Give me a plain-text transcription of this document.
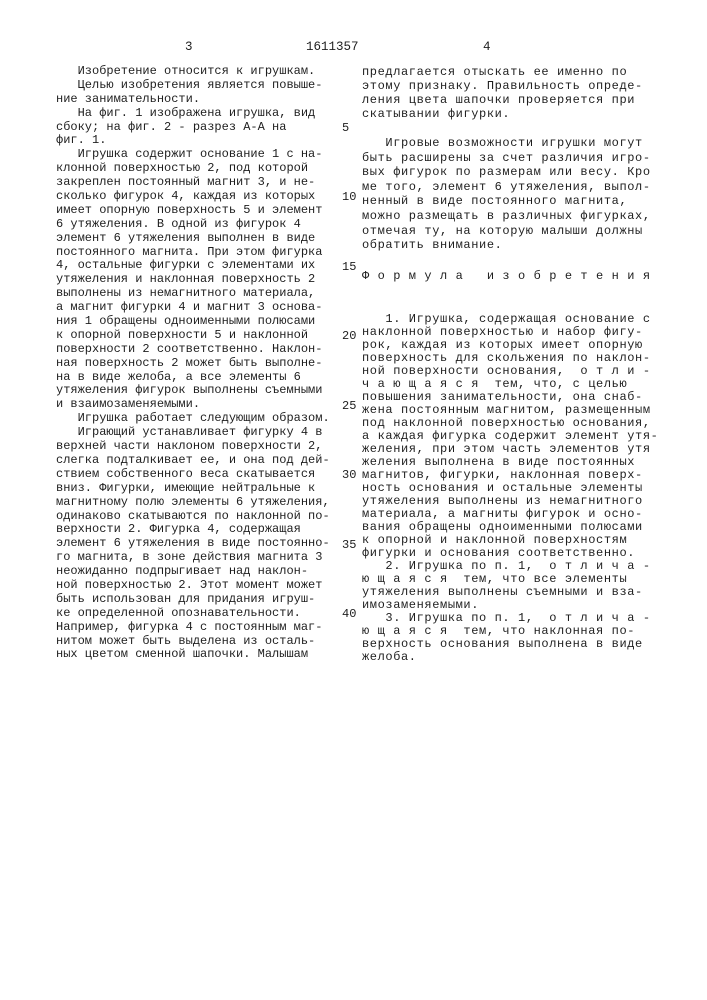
3	1611357	4
Изобретение относится к игрушкам.
Целью изобретения является повыше-
ние занимательности.
На фиг. 1 изображена игрушка, вид
сбоку; на фиг. 2 - разрез А-А на
фиг. 1.
Игрушка содержит основание 1 с на-
клонной поверхностью 2, под которой
закреплен постоянный магнит 3, и не-
сколько фигурок 4, каждая из которых
имеет опорную поверхность 5 и элемент
6 утяжеления. В одной из фигурок 4
элемент 6 утяжеления выполнен в виде
постоянного магнита. При этом фигурка
4, остальные фигурки с элементами их
утяжеления и наклонная поверхность 2
выполнены из немагнитного материала,
а магнит фигурки 4 и магнит 3 основа-
ния 1 обращены одноименными полюсами
к опорной поверхности 5 и наклонной
поверхности 2 соответственно. Наклон-
ная поверхность 2 может быть выполне-
на в виде желоба, а все элементы 6
утяжеления фигурок выполнены съемными
и взаимозаменяемыми.
Игрушка работает следующим образом.
Играющий устанавливает фигурку 4 в
верхней части наклоном поверхности 2,
слегка подталкивает ее, и она под дей-
ствием собственного веса скатывается
вниз. Фигурки, имеющие нейтральные к
магнитному полю элементы 6 утяжеления,
одинаково скатываются по наклонной по-
верхности 2. Фигурка 4, содержащая
элемент 6 утяжеления в виде постоянно-
го магнита, в зоне действия магнита 3
неожиданно подпрыгивает над наклон-
ной поверхностью 2. Этот момент может
быть использован для придания игруш-
ке определенной опознавательности.
Например, фигурка 4 с постоянным маг-
нитом может быть выделена из осталь-
ных цветом сменной шапочки. Малышам
5
10
15
20
25
30
35
40
предлагается отыскать ее именно по
этому признаку. Правильность опреде-
ления цвета шапочки проверяется при
скатывании фигурки.
Игровые возможности игрушки могут
быть расширены за счет различия игро-
вых фигурок по размерам или весу. Кро
ме того, элемент 6 утяжеления, выпол-
ненный в виде постоянного магнита,
можно размещать в различных фигурках,
отмечая ту, на которую малыши должны
обратить внимание.
Ф о р м у л а   и з о б р е т е н и я
1. Игрушка, содержащая основание с
наклонной поверхностью и набор фигу-
рок, каждая из которых имеет опорную
поверхность для скольжения по наклон-
ной поверхности основания,  о т л и -
ч а ю щ а я с я  тем, что, с целью
повышения занимательности, она снаб-
жена постоянным магнитом, размещенным
под наклонной поверхностью основания,
а каждая фигурка содержит элемент утя-
желения, при этом часть элементов утя
желения выполнена в виде постоянных
магнитов, фигурки, наклонная поверх-
ность основания и остальные элементы
утяжеления выполнены из немагнитного
материала, а магниты фигурок и осно-
вания обращены одноименными полюсами
к опорной и наклонной поверхностям
фигурки и основания соответственно.
2. Игрушка по п. 1,  о т л и ч а -
ю щ а я с я  тем, что все элементы
утяжеления выполнены съемными и вза-
имозаменяемыми.
3. Игрушка по п. 1,  о т л и ч а -
ю щ а я с я  тем, что наклонная по-
верхность основания выполнена в виде
желоба.
